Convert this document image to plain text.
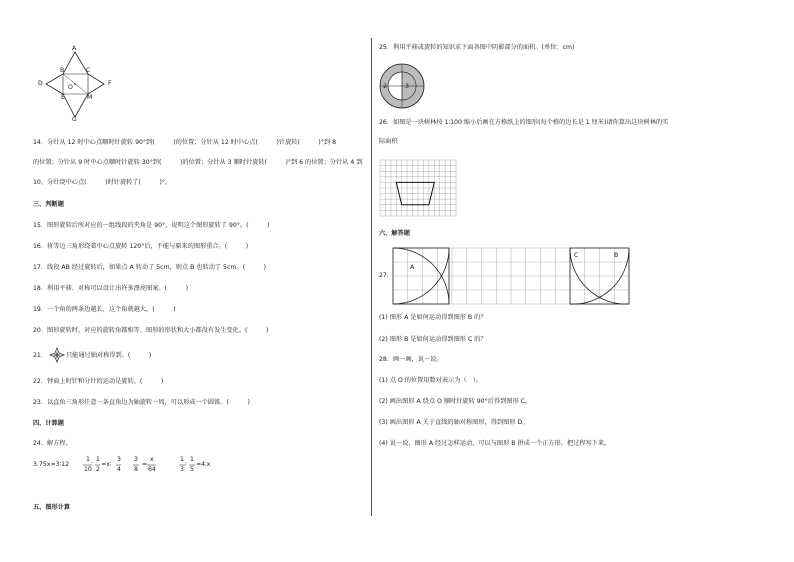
A
B	C
D	F
O
E	M
G
14．分针从 12 时中心点顺时针旋转 90°到(　　　)的位置；分针从 12 时中心点(　　　)针旋转(　　　)°到 8
的位置；分针从 9 时中心点顺时针旋转 30°到(　　　)的位置；分针从 3 顺时针旋转(　　　)°到 6 的位置；分针从 4 到
10，分针绕中心点(　　　)时针旋转了(　　　)°。
三、判断题
15．图形旋转后所对应的一组线段的夹角是 90°，说明这个图形旋转了 90°。(　　　)
16．将等边三角形绕着中心点旋转 120°后，不能与原来的图形重合。(　　　)
17．线段 AB 经过旋转后，如果点 A 转动了 5cm，则点 B 也转动了 5cm。(　　　)
18．利用平移、对称可以设计出许多漂亮图案。(　　　)
19．一个角的两条边越长，这个角就越大。(　　　)
20．图形旋转时，对应的旋转角都相等，图形的形状和大小都没有发生变化。(　　　)
21．	只能通过轴对称得到。(　　　)
22．钟面上时针和分针的运动是旋转。(　　　)
23．以直角三角形任意一条直角边为轴旋转一周，可以形成一个圆锥。(　　　)
四、计算题
24．解方程。
3.75x=3∶12
1
10
∶
1
2
=x∶
3
4
3
8
=
x
64
1
3
∶
1
5
=4∶x
五、图形计算
25．利用平移或旋转的知识求下面各图中阴影部分的面积。(单位：cm)
2	3
26．如图是一块树林按 1∶100 缩小后画在方格纸上的图形(每个格的边长是 1 厘米)请你算出这块树林的实
际面积
六、解答题
27．
A
C	B
(1) 图形 A 是如何运动得到图形 B 的？
(2) 图形 B 是如何运动得到图形 C 的？
28．画一画，说一说。
(1) 点 O 的位置用数对表示为（　）。
(2) 画出图形 A 绕点 O 顺时针旋转 90°后得到图形 C。
(3) 画出图形 A 关于直线的轴对称图形，得到图形 D。
(4) 说一说，图形 A 经过怎样运动，可以与图形 B 拼成一个正方形。把过程写下来。
